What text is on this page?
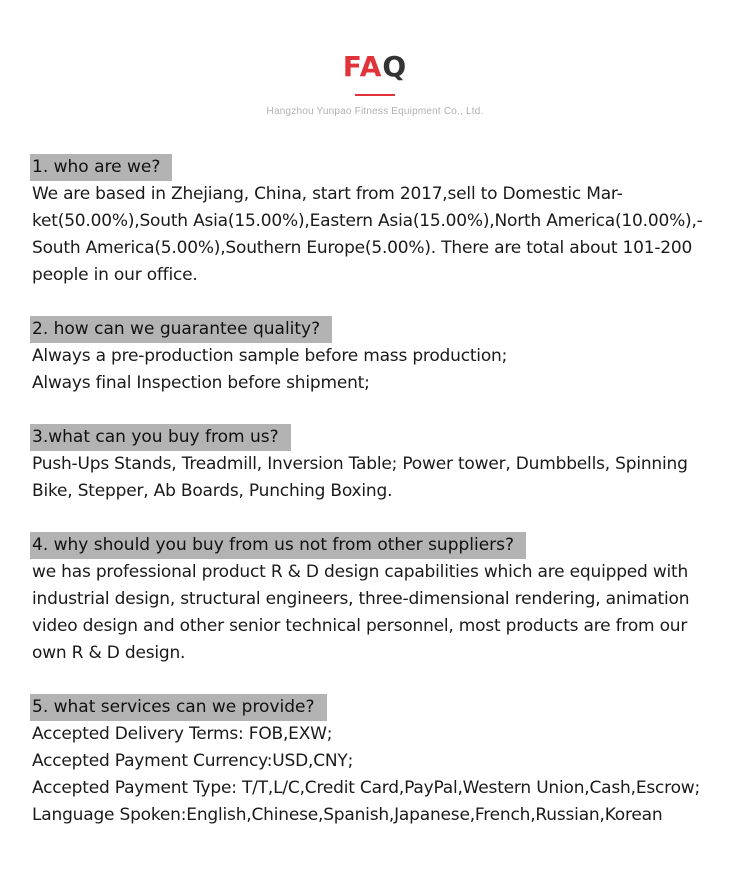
FAQ
Hangzhou Yunpao Fitness Equipment Co., Ltd.
1. who are we?
We are based in Zhejiang, China, start from 2017,sell to Domestic Mar-
ket(50.00%),South Asia(15.00%),Eastern Asia(15.00%),North America(10.00%),-
South America(5.00%),Southern Europe(5.00%). There are total about 101-200
people in our office.
2. how can we guarantee quality?
Always a pre-production sample before mass production;
Always final Inspection before shipment;
3.what can you buy from us?
Push-Ups Stands, Treadmill, Inversion Table; Power tower, Dumbbells, Spinning
Bike, Stepper, Ab Boards, Punching Boxing.
4. why should you buy from us not from other suppliers?
we has professional product R & D design capabilities which are equipped with
industrial design, structural engineers, three-dimensional rendering, animation
video design and other senior technical personnel, most products are from our
own R & D design.
5. what services can we provide?
Accepted Delivery Terms: FOB,EXW;
Accepted Payment Currency:USD,CNY;
Accepted Payment Type: T/T,L/C,Credit Card,PayPal,Western Union,Cash,Escrow;
Language Spoken:English,Chinese,Spanish,Japanese,French,Russian,Korean
